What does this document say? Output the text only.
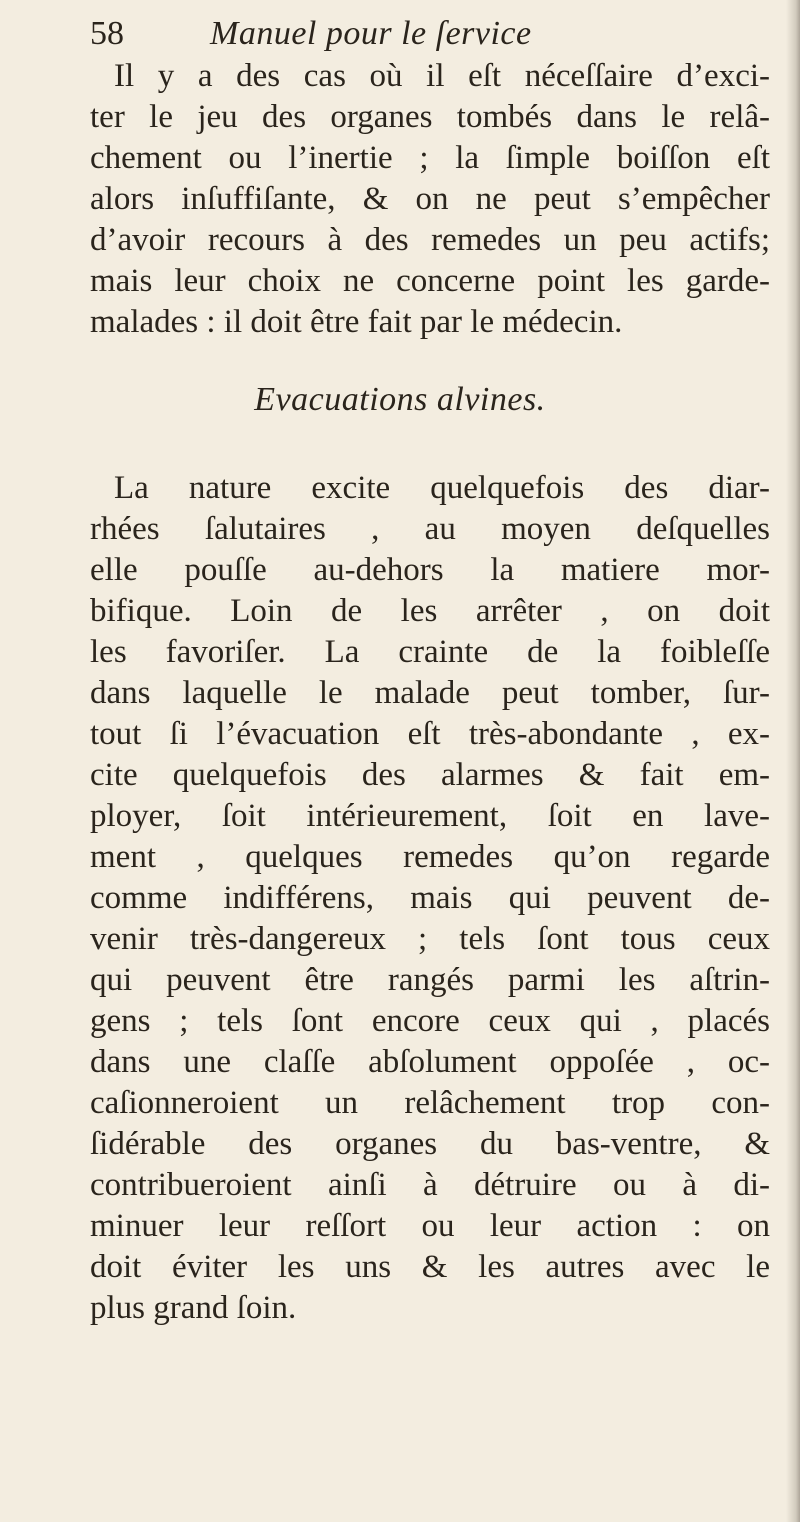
58	Manuel pour le ſervice
Il y a des cas où il eſt néceſſaire d’exci-
ter le jeu des organes tombés dans le relâ-
chement ou l’inertie ; la ſimple boiſſon eſt
alors inſuffiſante, & on ne peut s’empêcher
d’avoir recours à des remedes un peu actifs;
mais leur choix ne concerne point les garde-
malades : il doit être fait par le médecin.
Evacuations alvines.
La nature excite quelquefois des diar-
rhées ſalutaires , au moyen deſquelles
elle pouſſe au-dehors la matiere mor-
bifique. Loin de les arrêter , on doit
les favoriſer. La crainte de la foibleſſe
dans laquelle le malade peut tomber, ſur-
tout ſi l’évacuation eſt très-abondante , ex-
cite quelquefois des alarmes & fait em-
ployer, ſoit intérieurement, ſoit en lave-
ment , quelques remedes qu’on regarde
comme indifférens, mais qui peuvent de-
venir très-dangereux ; tels ſont tous ceux
qui peuvent être rangés parmi les aſtrin-
gens ; tels ſont encore ceux qui , placés
dans une claſſe abſolument oppoſée , oc-
caſionneroient un relâchement trop con-
ſidérable des organes du bas-ventre, &
contribueroient ainſi à détruire ou à di-
minuer leur reſſort ou leur action : on
doit éviter les uns & les autres avec le
plus grand ſoin.
